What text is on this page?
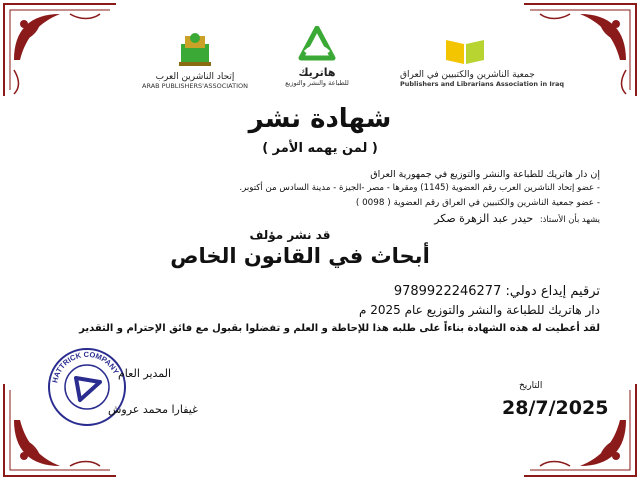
إتحاد الناشرين العرب
ARAB PUBLISHERS'ASSOCIATION
هاتريك
للطباعة والنشر والتوزيع
جمعية الناشرين والكتبيين في العراق
Publishers and Librarians Association in Iraq
شهادة نشر
( لمن يهمه الأمر )
إن دار هاتريك للطباعة والنشر والتوزيع في جمهورية العراق
- عضو إتحاد الناشرين العرب رقم العضوية (1145) ومقرها - مصر -الجيزة - مدينة السادس من أكتوبر.
- عضو جمعية الناشرين والكتبيين في العراق رقم العضوية ( 0098 )
يشهد بأن الأستاذ: حيدر عبد الزهرة صكر
قد نشر مؤلف
أبحاث في القانون الخاص
ترقيم إيداع دولي: 9789922246277
دار هاتريك للطباعة والنشر والتوزيع عام 2025 م
لقد أعطيت له هذه الشهادة بناءاً على طلبه هذا للإحاطة و العلم و تفضلوا بقبول مع فائق الإحترام و التقدير
HATTRICK COMPANY
المدير العام
غيفارا محمد عروش
التاريخ
28/7/2025
